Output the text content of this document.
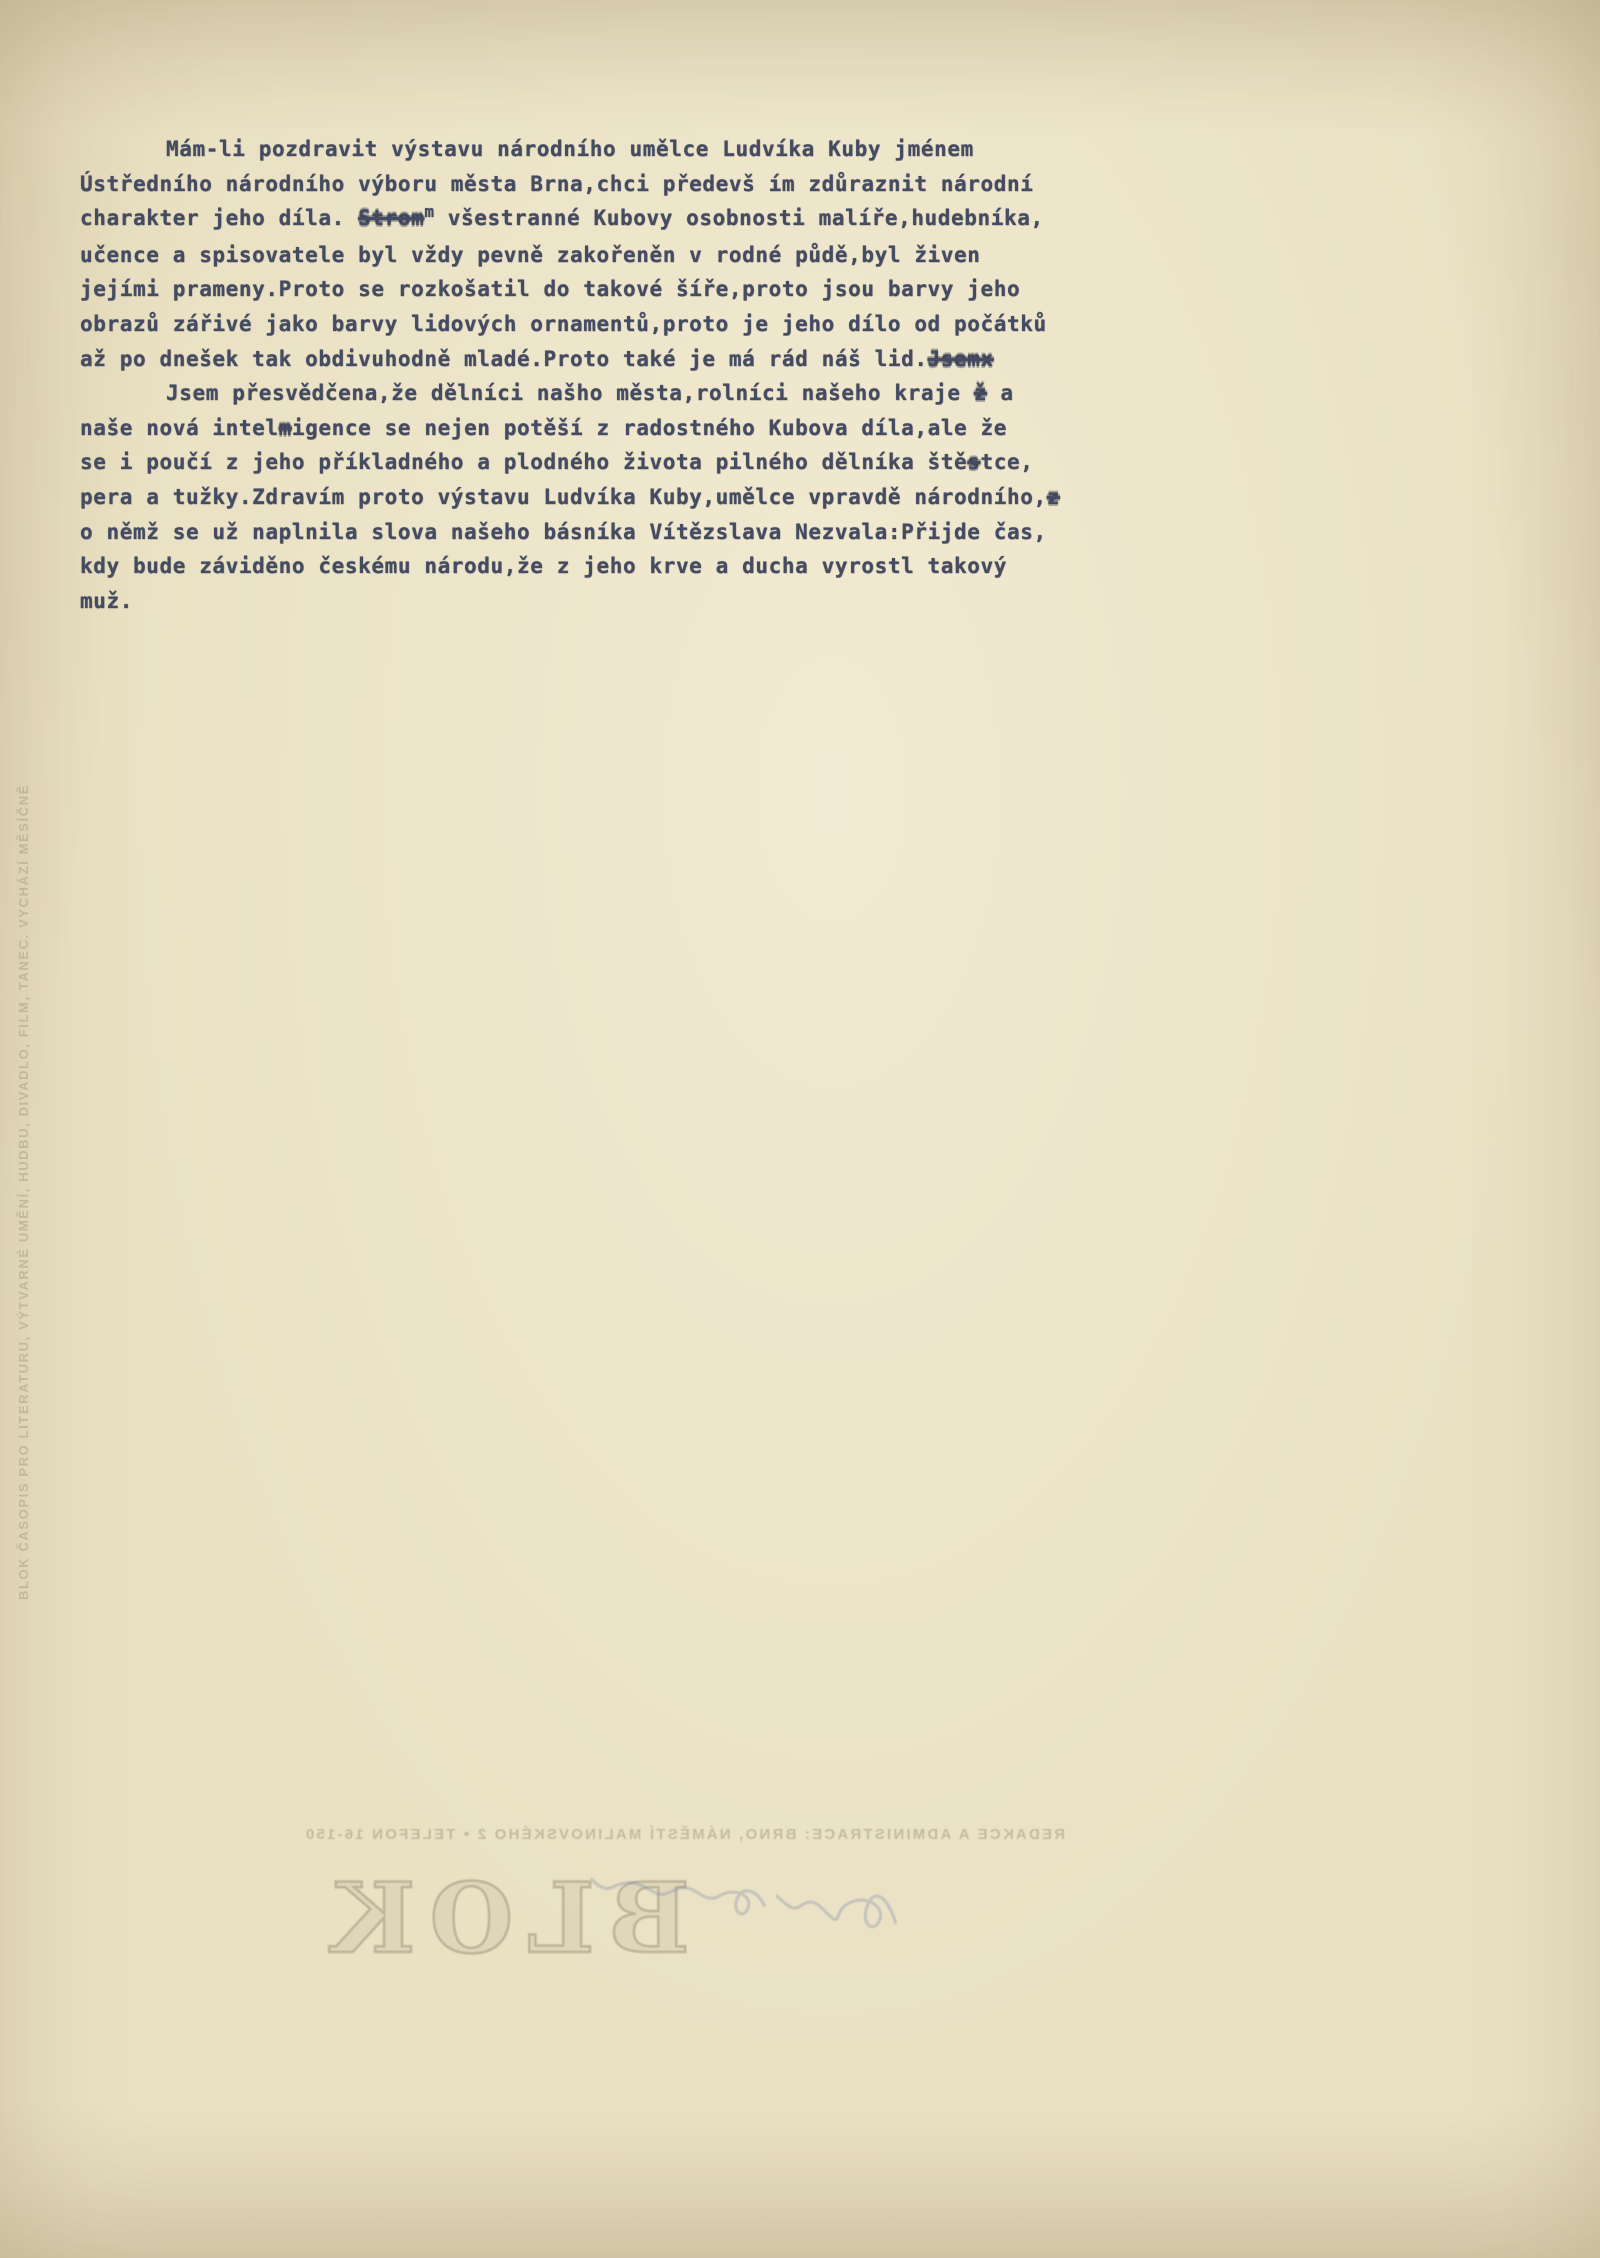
Mám-li pozdravit výstavu národního umělce Ludvíka Kuby jménem
Ústředního národního výboru města Brna,chci předevš ím zdůraznit národní
charakter jeho díla. Strom$^m$ všestranné Kubovy osobnosti malíře,hudebníka,
učence a spisovatele byl vždy pevně zakořeněn v rodné půdě,byl živen
jejími prameny.Proto se rozkošatil do takové šíře,proto jsou barvy jeho
obrazů zářivé jako barvy lidových ornamentů,proto je jeho dílo od počátků
až po dnešek tak obdivuhodně mladé.Proto také je má rád náš lid.Jsemx
Jsem přesvědčena,že dělníci našho města,rolníci našeho kraje ž a
naše nová intelmigence se nejen potěší z radostného Kubova díla,ale že
se i poučí z jeho příkladného a plodného života pilného dělníka štěstce,
pera a tužky.Zdravím proto výstavu Ludvíka Kuby,umělce vpravdě národního,z
o němž se už naplnila slova našeho básníka Vítězslava Nezvala:Přijde čas,
kdy bude záviděno českému národu,že z jeho krve a ducha vyrostl takový
muž.
REDAKCE A ADMINISTRACE: BRNO, NÁMĚSTÍ MALINOVSKÉHO 2 • TELEFON 16-150
BLOK
BLOK ČASOPIS PRO LITERATURU, VÝTVARNÉ UMĚNÍ, HUDBU, DIVADLO, FILM, TANEC. VYCHÁZÍ MĚSÍČNĚ
